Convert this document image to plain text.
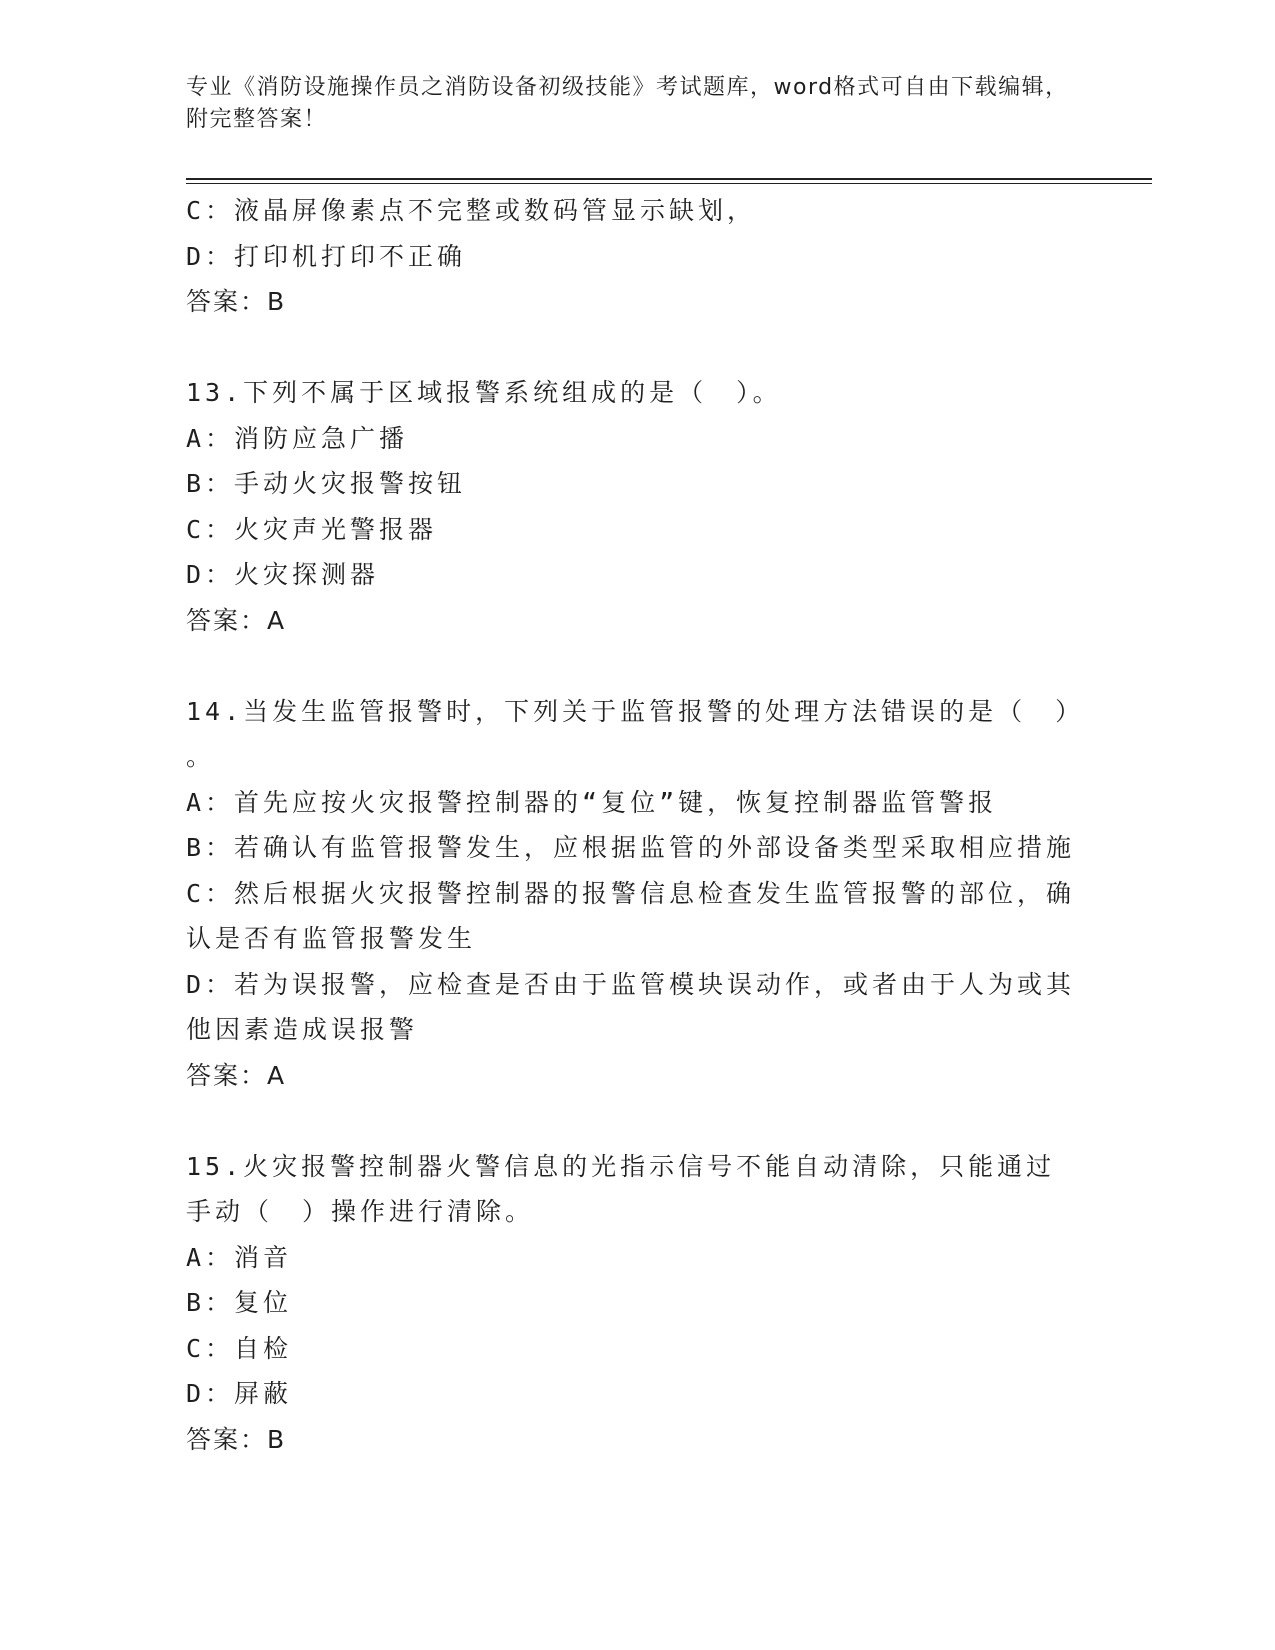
专业《消防设施操作员之消防设备初级技能》考试题库，word格式可自由下载编辑，附完整答案！

C：液晶屏像素点不完整或数码管显示缺划，

D：打印机打印不正确

答案：B

13.下列不属于区域报警系统组成的是（　）。

A：消防应急广播

B：手动火灾报警按钮

C：火灾声光警报器

D：火灾探测器

答案：A

14.当发生监管报警时，下列关于监管报警的处理方法错误的是（　）

。

A：首先应按火灾报警控制器的“复位”键，恢复控制器监管警报

B：若确认有监管报警发生，应根据监管的外部设备类型采取相应措施

C：然后根据火灾报警控制器的报警信息检查发生监管报警的部位，确认是否有监管报警发生

D：若为误报警，应检查是否由于监管模块误动作，或者由于人为或其他因素造成误报警

答案：A

15.火灾报警控制器火警信息的光指示信号不能自动清除，只能通过手动（　）操作进行清除。

A：消音

B：复位

C：自检

D：屏蔽

答案：B
